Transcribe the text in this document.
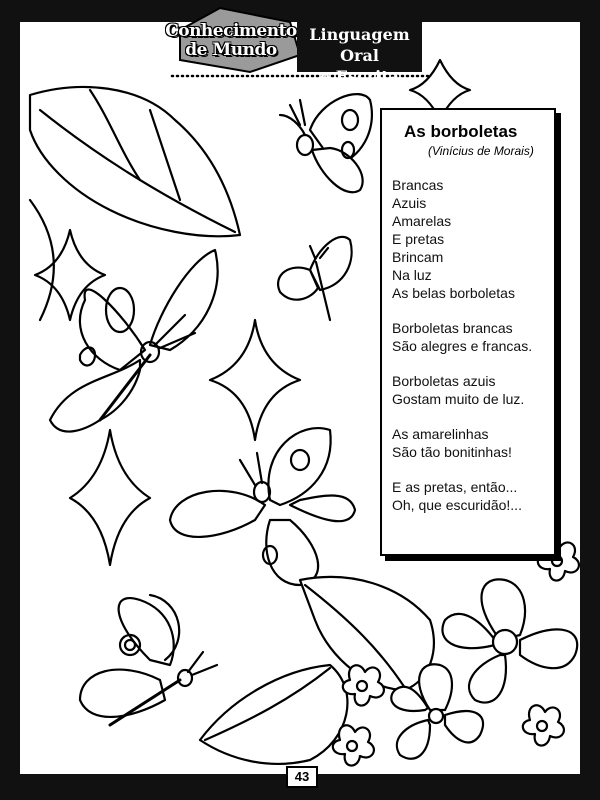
Conhecimento
de Mundo
Linguagem Oral
e Escrita
As borboletas
(Vinícius de Morais)
Brancas
Azuis
Amarelas
E pretas
Brincam
Na luz
As belas borboletas
Borboletas brancas
São alegres e francas.
Borboletas azuis
Gostam muito de luz.
As amarelinhas
São tão bonitinhas!
E as pretas, então...
Oh, que escuridão!...
43
